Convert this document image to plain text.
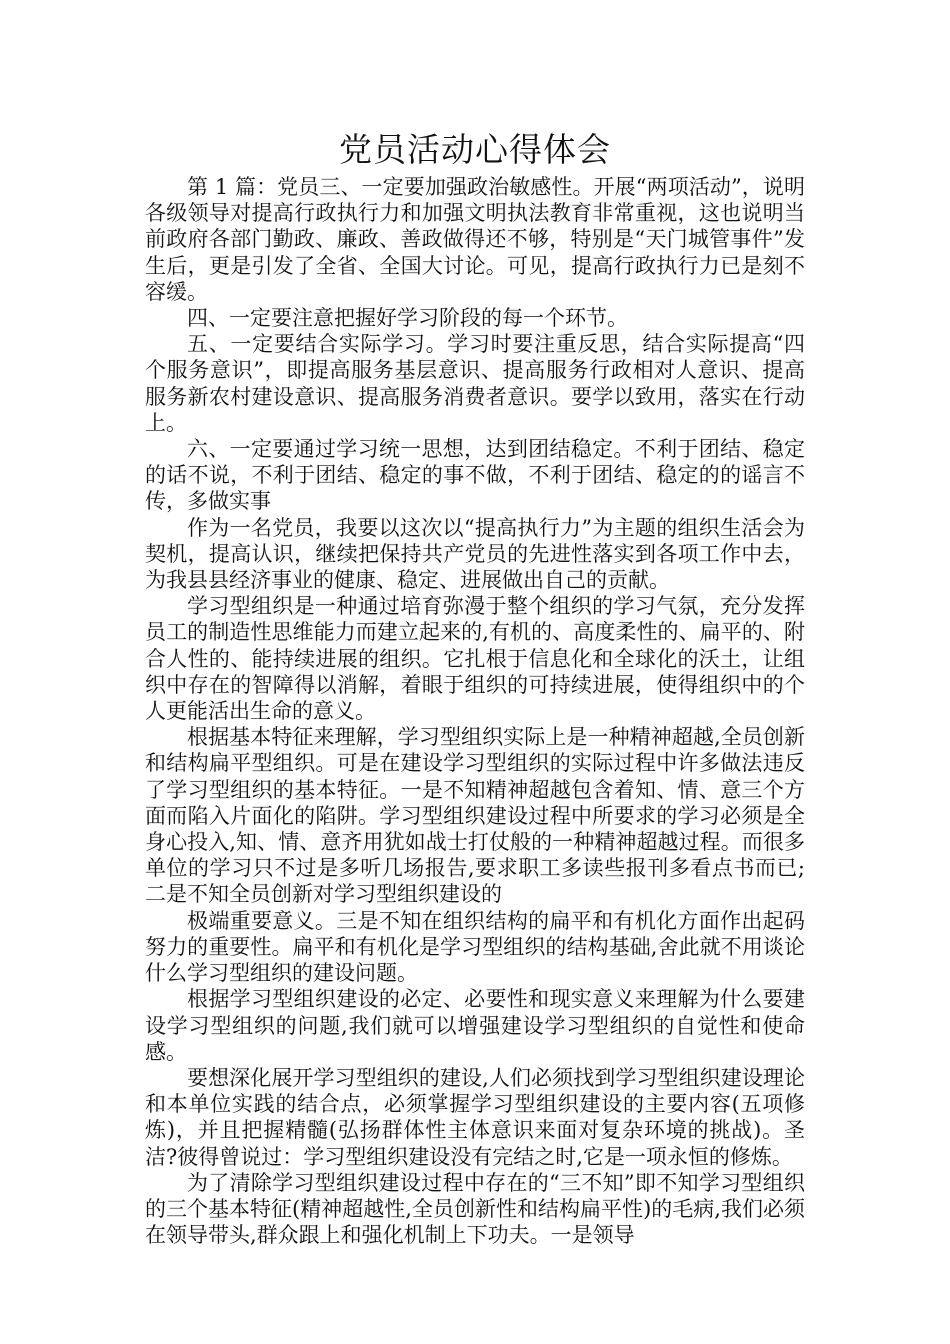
党员活动心得体会

第 1 篇：党员三、一定要加强政治敏感性。开展“两项活动”，说明各级领导对提高行政执行力和加强文明执法教育非常重视，这也说明当前政府各部门勤政、廉政、善政做得还不够，特别是“天门城管事件”发生后，更是引发了全省、全国大讨论。可见，提高行政执行力已是刻不容缓。

四、一定要注意把握好学习阶段的每一个环节。

五、一定要结合实际学习。学习时要注重反思，结合实际提高“四个服务意识”，即提高服务基层意识、提高服务行政相对人意识、提高服务新农村建设意识、提高服务消费者意识。要学以致用，落实在行动上。

六、一定要通过学习统一思想，达到团结稳定。不利于团结、稳定的话不说，不利于团结、稳定的事不做，不利于团结、稳定的的谣言不传，多做实事

作为一名党员，我要以这次以“提高执行力”为主题的组织生活会为契机，提高认识，继续把保持共产党员的先进性落实到各项工作中去，为我县县经济事业的健康、稳定、进展做出自己的贡献。

学习型组织是一种通过培育弥漫于整个组织的学习气氛，充分发挥员工的制造性思维能力而建立起来的,有机的、高度柔性的、扁平的、附合人性的、能持续进展的组织。它扎根于信息化和全球化的沃土，让组织中存在的智障得以消解，着眼于组织的可持续进展，使得组织中的个人更能活出生命的意义。

根据基本特征来理解，学习型组织实际上是一种精神超越,全员创新和结构扁平型组织。可是在建设学习型组织的实际过程中许多做法违反了学习型组织的基本特征。一是不知精神超越包含着知、情、意三个方面而陷入片面化的陷阱。学习型组织建设过程中所要求的学习必须是全身心投入,知、情、意齐用犹如战士打仗般的一种精神超越过程。而很多单位的学习只不过是多听几场报告,要求职工多读些报刊多看点书而已;二是不知全员创新对学习型组织建设的

极端重要意义。三是不知在组织结构的扁平和有机化方面作出起码努力的重要性。扁平和有机化是学习型组织的结构基础,舍此就不用谈论什么学习型组织的建设问题。

根据学习型组织建设的必定、必要性和现实意义来理解为什么要建设学习型组织的问题,我们就可以增强建设学习型组织的自觉性和使命感。

要想深化展开学习型组织的建设,人们必须找到学习型组织建设理论和本单位实践的结合点，必须掌握学习型组织建设的主要内容(五项修炼)，并且把握精髓(弘扬群体性主体意识来面对复杂环境的挑战)。圣洁?彼得曾说过：学习型组织建设没有完结之时,它是一项永恒的修炼。

为了清除学习型组织建设过程中存在的“三不知”即不知学习型组织的三个基本特征(精神超越性,全员创新性和结构扁平性)的毛病,我们必须在领导带头,群众跟上和强化机制上下功夫。一是领导
